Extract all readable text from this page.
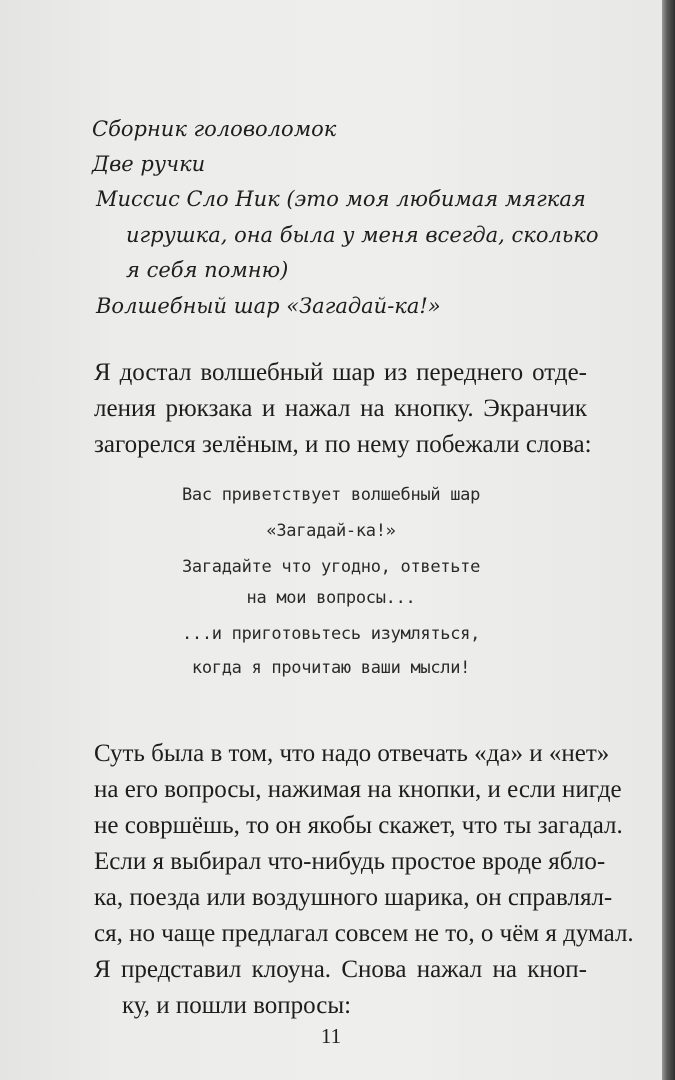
Сборник головоломок
Две ручки
Миссис Сло Ник (это моя любимая мягкая
игрушка, она была у меня всегда, сколько
я себя помню)
Волшебный шар «Загадай-ка!»
Я достал волшебный шар из переднего отде-
ления рюкзака и нажал на кнопку. Экранчик
загорелся зелёным, и по нему побежали слова:
Вас приветствует волшебный шар
«Загадай-ка!»
Загадайте что угодно, ответьте
на мои вопросы...
...и приготовьтесь изумляться,
когда я прочитаю ваши мысли!
Суть была в том, что надо отвечать «да» и «нет»
на его вопросы, нажимая на кнопки, и если нигде
не совршёшь, то он якобы скажет, что ты загадал.
Если я выбирал что-нибудь простое вроде ябло-
ка, поезда или воздушного шарика, он справлял-
ся, но чаще предлагал совсем не то, о чём я думал.
Я представил клоуна. Снова нажал на кноп-
ку, и пошли вопросы:
11
